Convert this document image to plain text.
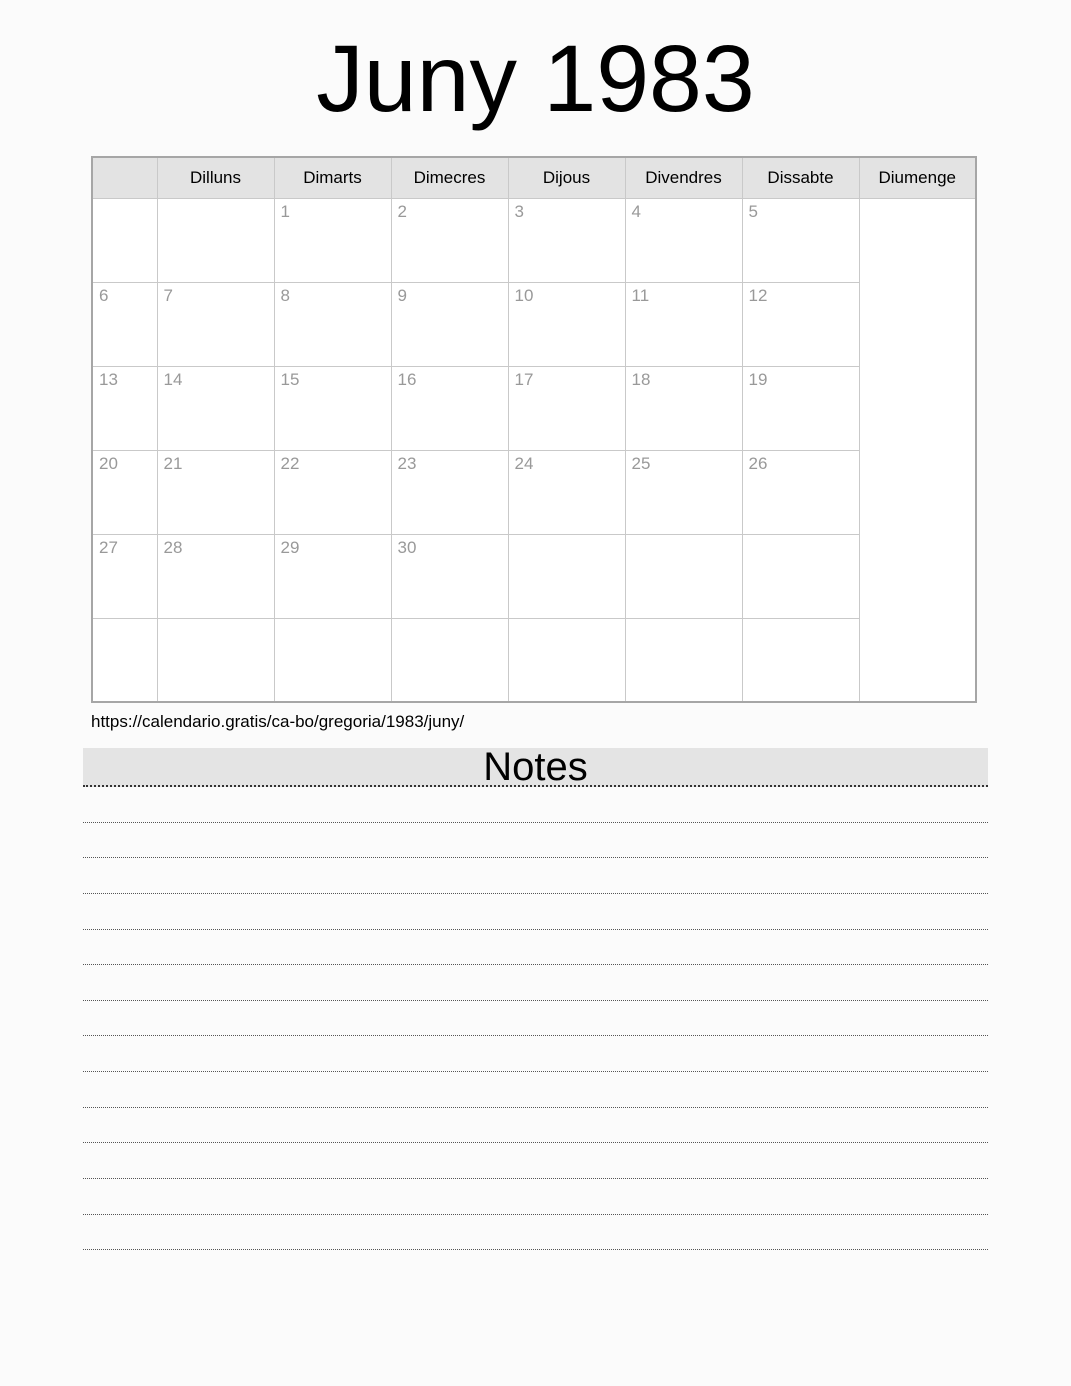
Juny 1983
	Dilluns	Dimarts	Dimecres	Dijous	Divendres	Dissabte	Diumenge
		1	2	3	4	5	
6	7	8	9	10	11	12	
13	14	15	16	17	18	19	
20	21	22	23	24	25	26	
27	28	29	30				

https://calendario.gratis/ca-bo/gregoria/1983/juny/
Notes
